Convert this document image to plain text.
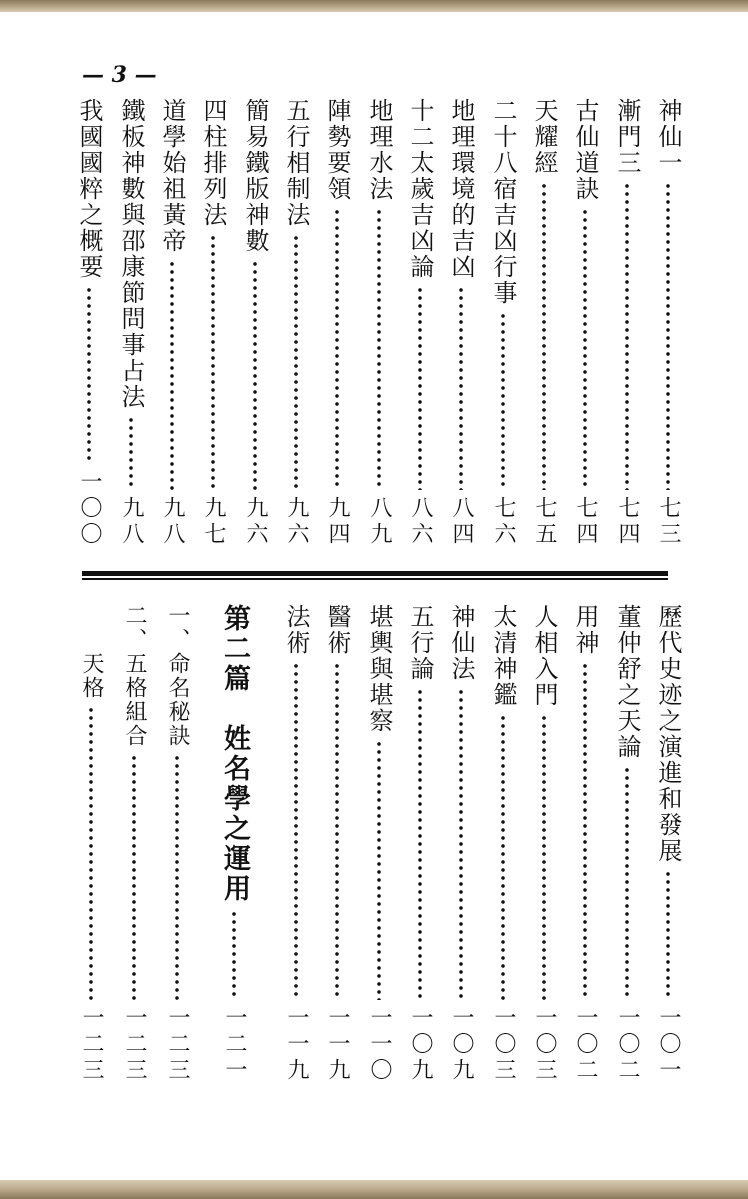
— 3 —
神仙一
七三
漸門三
七四
古仙道訣
七四
天耀經
七五
二十八宿吉凶行事
七六
地理環境的吉凶
八四
十二太歲吉凶論
八六
地理水法
八九
陣勢要領
九四
五行相制法
九六
簡易鐵版神數
九六
四柱排列法
九七
道學始祖黃帝
九八
鐵板神數與邵康節問事占法
九八
我國國粹之概要
一〇〇
歷代史迹之演進和發展
一〇一
董仲舒之天論
一〇二
用神
一〇二
人相入門
一〇三
太清神鑑
一〇三
神仙法
一〇九
五行論
一〇九
堪輿與堪察
一一〇
醫術
一一九
法術
一一九
第二篇　姓名學之運用
一二一
一、命名秘訣
一二三
二、五格組合
一二三
天格
一二三
